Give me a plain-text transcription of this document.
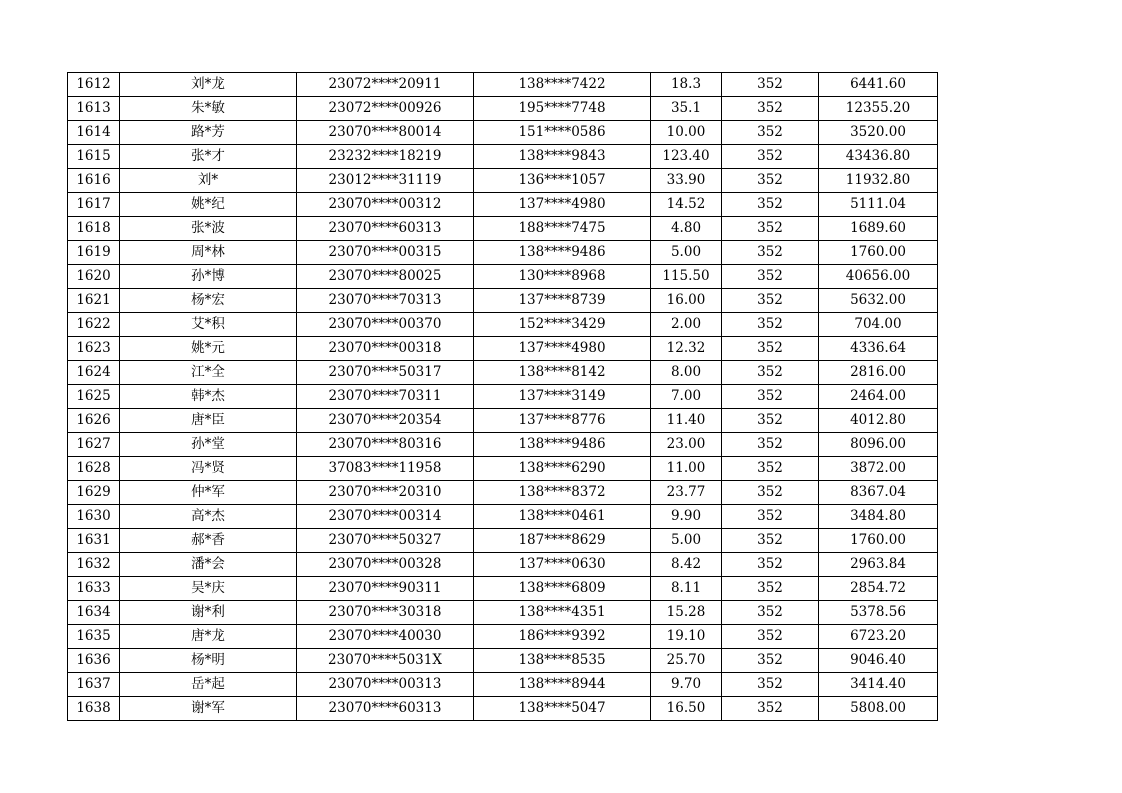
1612	刘*龙	23072****20911	138****7422	18.3	352	6441.60
1613	朱*敏	23072****00926	195****7748	35.1	352	12355.20
1614	路*芳	23070****80014	151****0586	10.00	352	3520.00
1615	张*才	23232****18219	138****9843	123.40	352	43436.80
1616	刘*	23012****31119	136****1057	33.90	352	11932.80
1617	姚*纪	23070****00312	137****4980	14.52	352	5111.04
1618	张*波	23070****60313	188****7475	4.80	352	1689.60
1619	周*林	23070****00315	138****9486	5.00	352	1760.00
1620	孙*博	23070****80025	130****8968	115.50	352	40656.00
1621	杨*宏	23070****70313	137****8739	16.00	352	5632.00
1622	艾*积	23070****00370	152****3429	2.00	352	704.00
1623	姚*元	23070****00318	137****4980	12.32	352	4336.64
1624	江*全	23070****50317	138****8142	8.00	352	2816.00
1625	韩*杰	23070****70311	137****3149	7.00	352	2464.00
1626	唐*臣	23070****20354	137****8776	11.40	352	4012.80
1627	孙*堂	23070****80316	138****9486	23.00	352	8096.00
1628	冯*贤	37083****11958	138****6290	11.00	352	3872.00
1629	仲*军	23070****20310	138****8372	23.77	352	8367.04
1630	高*杰	23070****00314	138****0461	9.90	352	3484.80
1631	郝*香	23070****50327	187****8629	5.00	352	1760.00
1632	潘*会	23070****00328	137****0630	8.42	352	2963.84
1633	吴*庆	23070****90311	138****6809	8.11	352	2854.72
1634	谢*利	23070****30318	138****4351	15.28	352	5378.56
1635	唐*龙	23070****40030	186****9392	19.10	352	6723.20
1636	杨*明	23070****5031X	138****8535	25.70	352	9046.40
1637	岳*起	23070****00313	138****8944	9.70	352	3414.40
1638	谢*军	23070****60313	138****5047	16.50	352	5808.00
